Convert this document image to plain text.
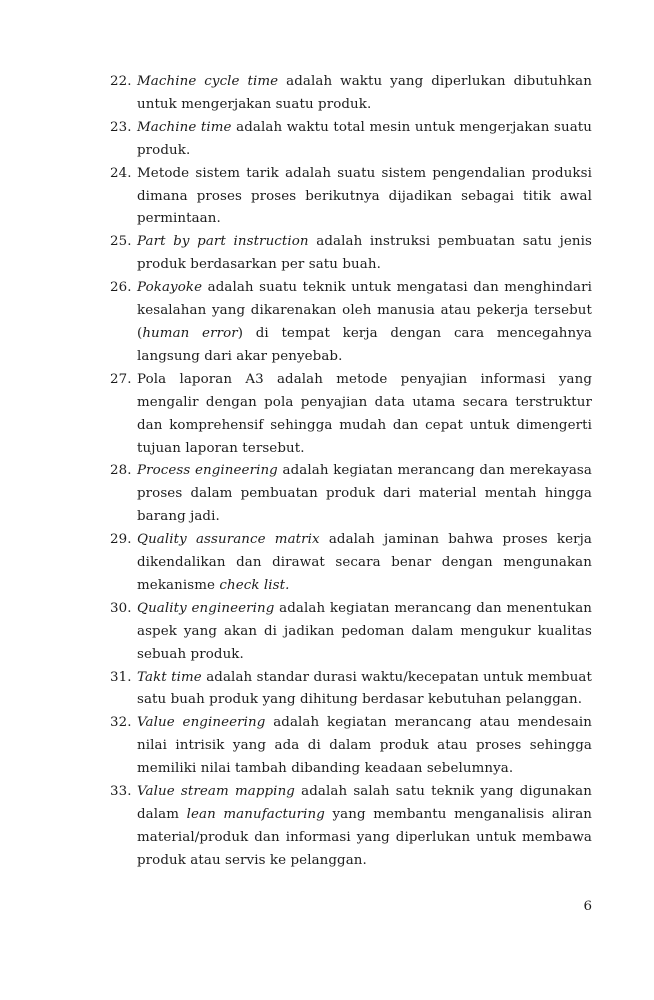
22. Machine cycle time adalah waktu yang diperlukan dibutuhkan untuk mengerjakan suatu produk.
23. Machine time adalah waktu total mesin untuk mengerjakan suatu produk.
24. Metode sistem tarik adalah suatu sistem pengendalian produksi dimana proses proses berikutnya dijadikan sebagai titik awal permintaan.
25. Part by part instruction adalah instruksi pembuatan satu jenis produk berdasarkan per satu buah.
26. Pokayoke adalah suatu teknik untuk mengatasi dan menghindari kesalahan yang dikarenakan oleh manusia atau pekerja tersebut (human error) di tempat kerja dengan cara mencegahnya langsung dari akar penyebab.
27. Pola laporan A3 adalah metode penyajian informasi yang mengalir dengan pola penyajian data utama secara terstruktur dan komprehensif sehingga mudah dan cepat untuk dimengerti tujuan laporan tersebut.
28. Process engineering adalah kegiatan merancang dan merekayasa proses dalam pembuatan produk dari material mentah hingga barang jadi.
29. Quality assurance matrix adalah jaminan bahwa proses kerja dikendalikan dan dirawat secara benar dengan mengunakan mekanisme check list.
30. Quality engineering adalah kegiatan merancang dan menentukan aspek yang akan di jadikan pedoman dalam mengukur kualitas sebuah produk.
31. Takt time adalah standar durasi waktu/kecepatan untuk membuat satu buah produk yang dihitung berdasar kebutuhan pelanggan.
32. Value engineering adalah kegiatan merancang atau mendesain nilai intrisik yang ada di dalam produk atau proses sehingga memiliki nilai tambah dibanding keadaan sebelumnya.
33. Value stream mapping adalah salah satu teknik yang digunakan dalam lean manufacturing yang membantu menganalisis aliran material/produk dan informasi yang diperlukan untuk membawa produk atau servis ke pelanggan.
6
